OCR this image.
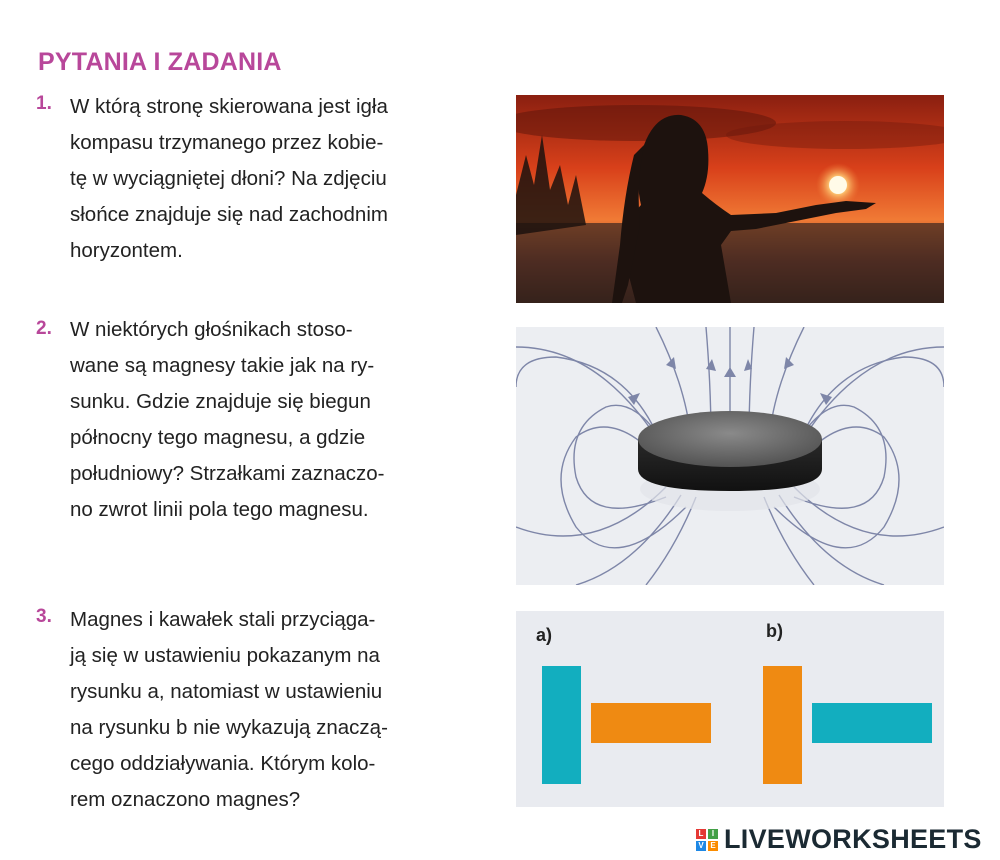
PYTANIA I ZADANIA
1. W którą stronę skierowana jest igła
kompasu trzymanego przez kobie-
tę w wyciągniętej dłoni? Na zdjęciu
słońce znajduje się nad zachodnim
horyzontem.
2. W niektórych głośnikach stoso-
wane są magnesy takie jak na ry-
sunku. Gdzie znajduje się biegun
północny tego magnesu, a gdzie
południowy? Strzałkami zaznaczo-
no zwrot linii pola tego magnesu.
3. Magnes i kawałek stali przyciąga-
ją się w ustawieniu pokazanym na
rysunku a, natomiast w ustawieniu
na rysunku b nie wykazują znaczą-
cego oddziaływania. Którym kolo-
rem oznaczono magnes?
a)	b)
L	I
V E LIVEWORKSHEETS
